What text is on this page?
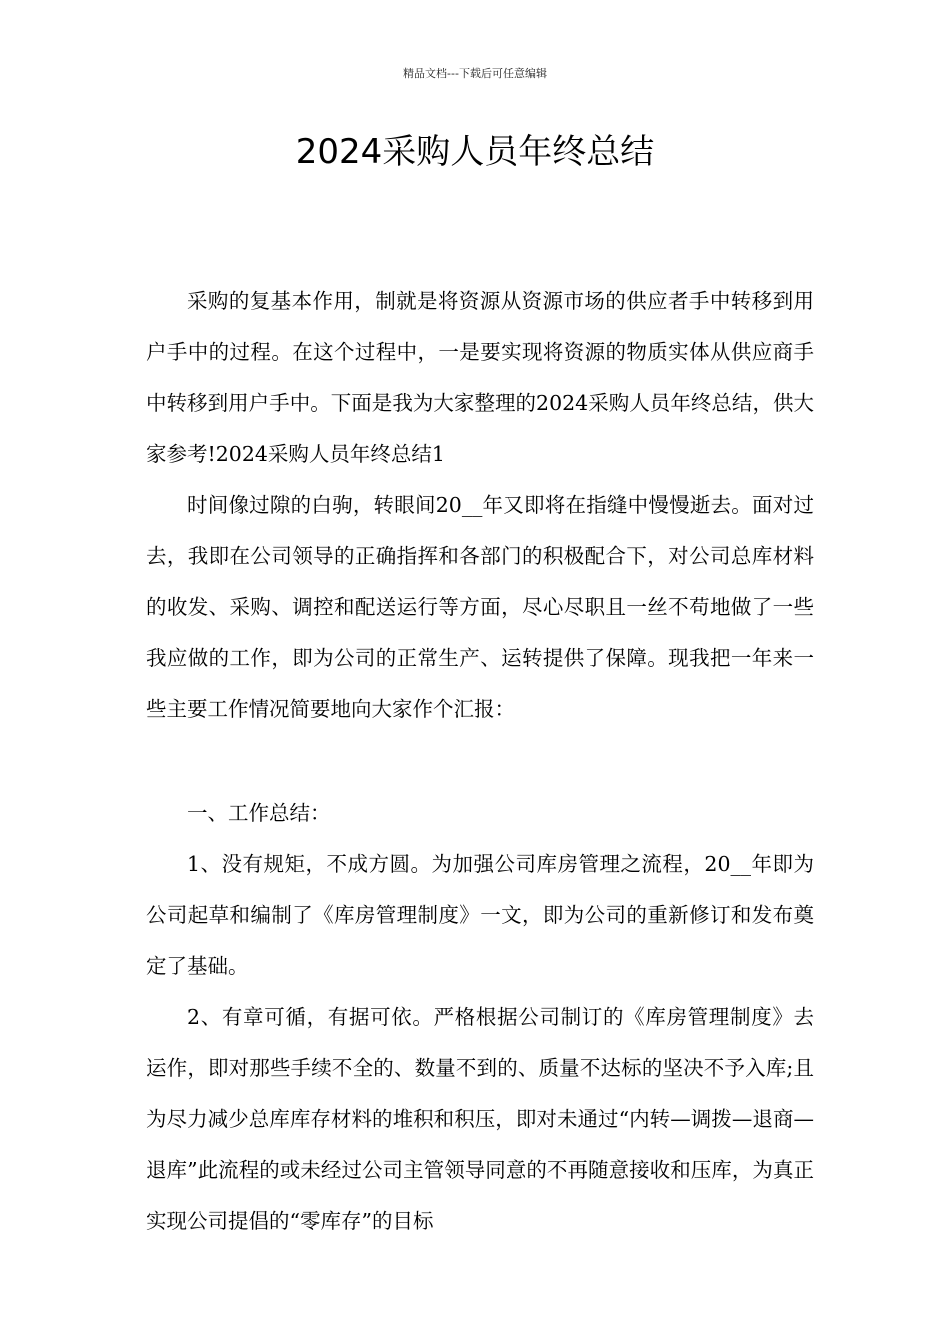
精品文档---下载后可任意编辑
2024采购人员年终总结

采购的复基本作用，制就是将资源从资源市场的供应者手中转移到用户手中的过程。在这个过程中，一是要实现将资源的物质实体从供应商手中转移到用户手中。下面是我为大家整理的2024采购人员年终总结，供大家参考!2024采购人员年终总结1

时间像过隙的白驹，转眼间20__年又即将在指缝中慢慢逝去。面对过去，我即在公司领导的正确指挥和各部门的积极配合下，对公司总库材料的收发、采购、调控和配送运行等方面，尽心尽职且一丝不苟地做了一些我应做的工作，即为公司的正常生产、运转提供了保障。现我把一年来一些主要工作情况简要地向大家作个汇报：

一、工作总结：

1、没有规矩，不成方圆。为加强公司库房管理之流程，20__年即为公司起草和编制了《库房管理制度》一文，即为公司的重新修订和发布奠定了基础。

2、有章可循，有据可依。严格根据公司制订的《库房管理制度》去运作，即对那些手续不全的、数量不到的、质量不达标的坚决不予入库;且为尽力减少总库库存材料的堆积和积压，即对未通过“内转—调拨—退商—退库”此流程的或未经过公司主管领导同意的不再随意接收和压库，为真正实现公司提倡的“零库存”的目标
